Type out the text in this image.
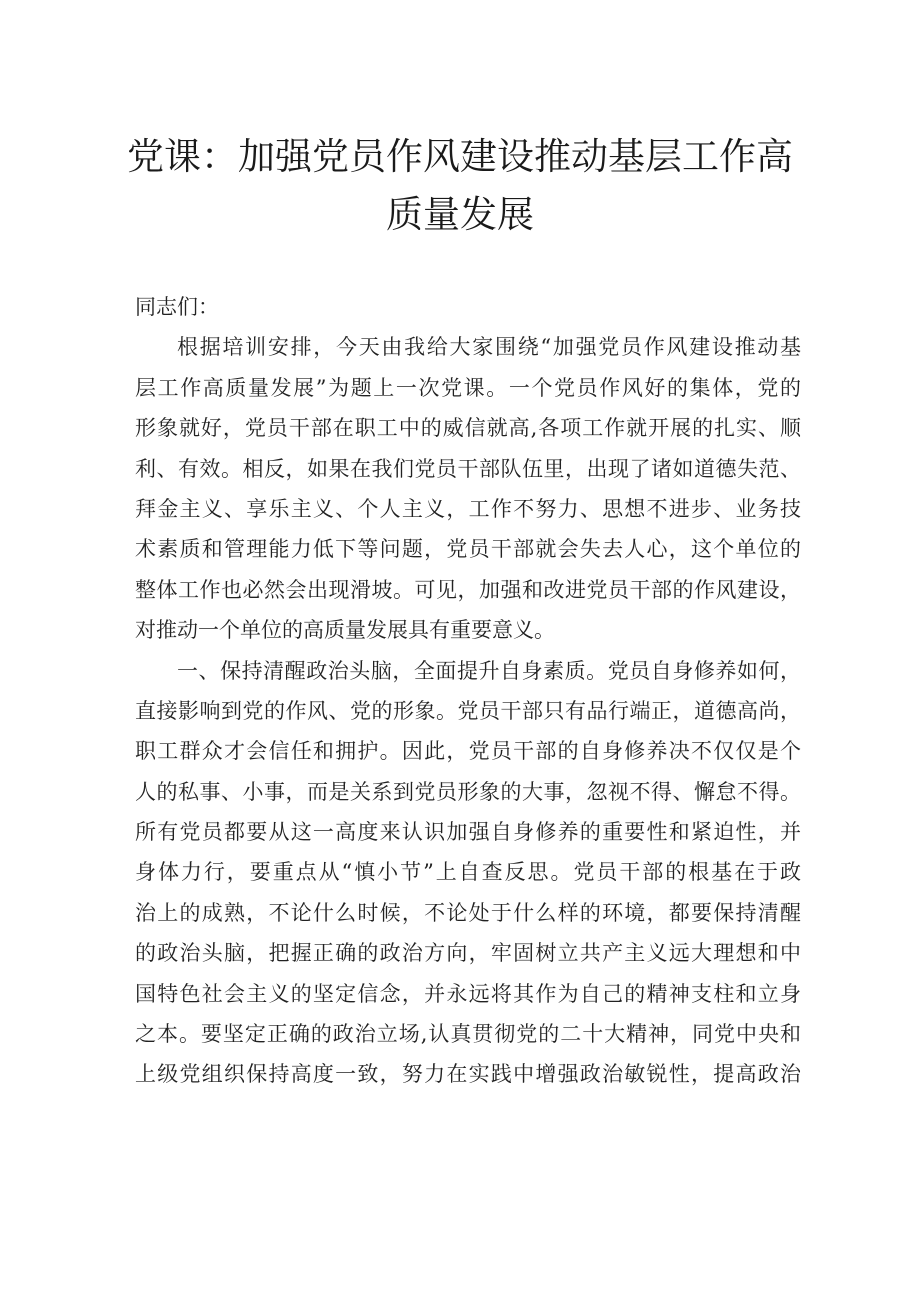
党课：加强党员作风建设推动基层工作高
质量发展
同志们：
根据培训安排，今天由我给大家围绕“加强党员作风建设推动基
层工作高质量发展”为题上一次党课。一个党员作风好的集体，党的
形象就好，党员干部在职工中的威信就高,各项工作就开展的扎实、顺
利、有效。相反，如果在我们党员干部队伍里，出现了诸如道德失范、
拜金主义、享乐主义、个人主义，工作不努力、思想不进步、业务技
术素质和管理能力低下等问题，党员干部就会失去人心，这个单位的
整体工作也必然会出现滑坡。可见，加强和改进党员干部的作风建设，
对推动一个单位的高质量发展具有重要意义。
一、保持清醒政治头脑，全面提升自身素质。党员自身修养如何，
直接影响到党的作风、党的形象。党员干部只有品行端正，道德高尚，
职工群众才会信任和拥护。因此，党员干部的自身修养决不仅仅是个
人的私事、小事，而是关系到党员形象的大事，忽视不得、懈怠不得。
所有党员都要从这一高度来认识加强自身修养的重要性和紧迫性，并
身体力行，要重点从“慎小节”上自查反思。党员干部的根基在于政
治上的成熟，不论什么时候，不论处于什么样的环境，都要保持清醒
的政治头脑，把握正确的政治方向，牢固树立共产主义远大理想和中
国特色社会主义的坚定信念，并永远将其作为自己的精神支柱和立身
之本。要坚定正确的政治立场,认真贯彻党的二十大精神，同党中央和
上级党组织保持高度一致，努力在实践中增强政治敏锐性，提高政治
